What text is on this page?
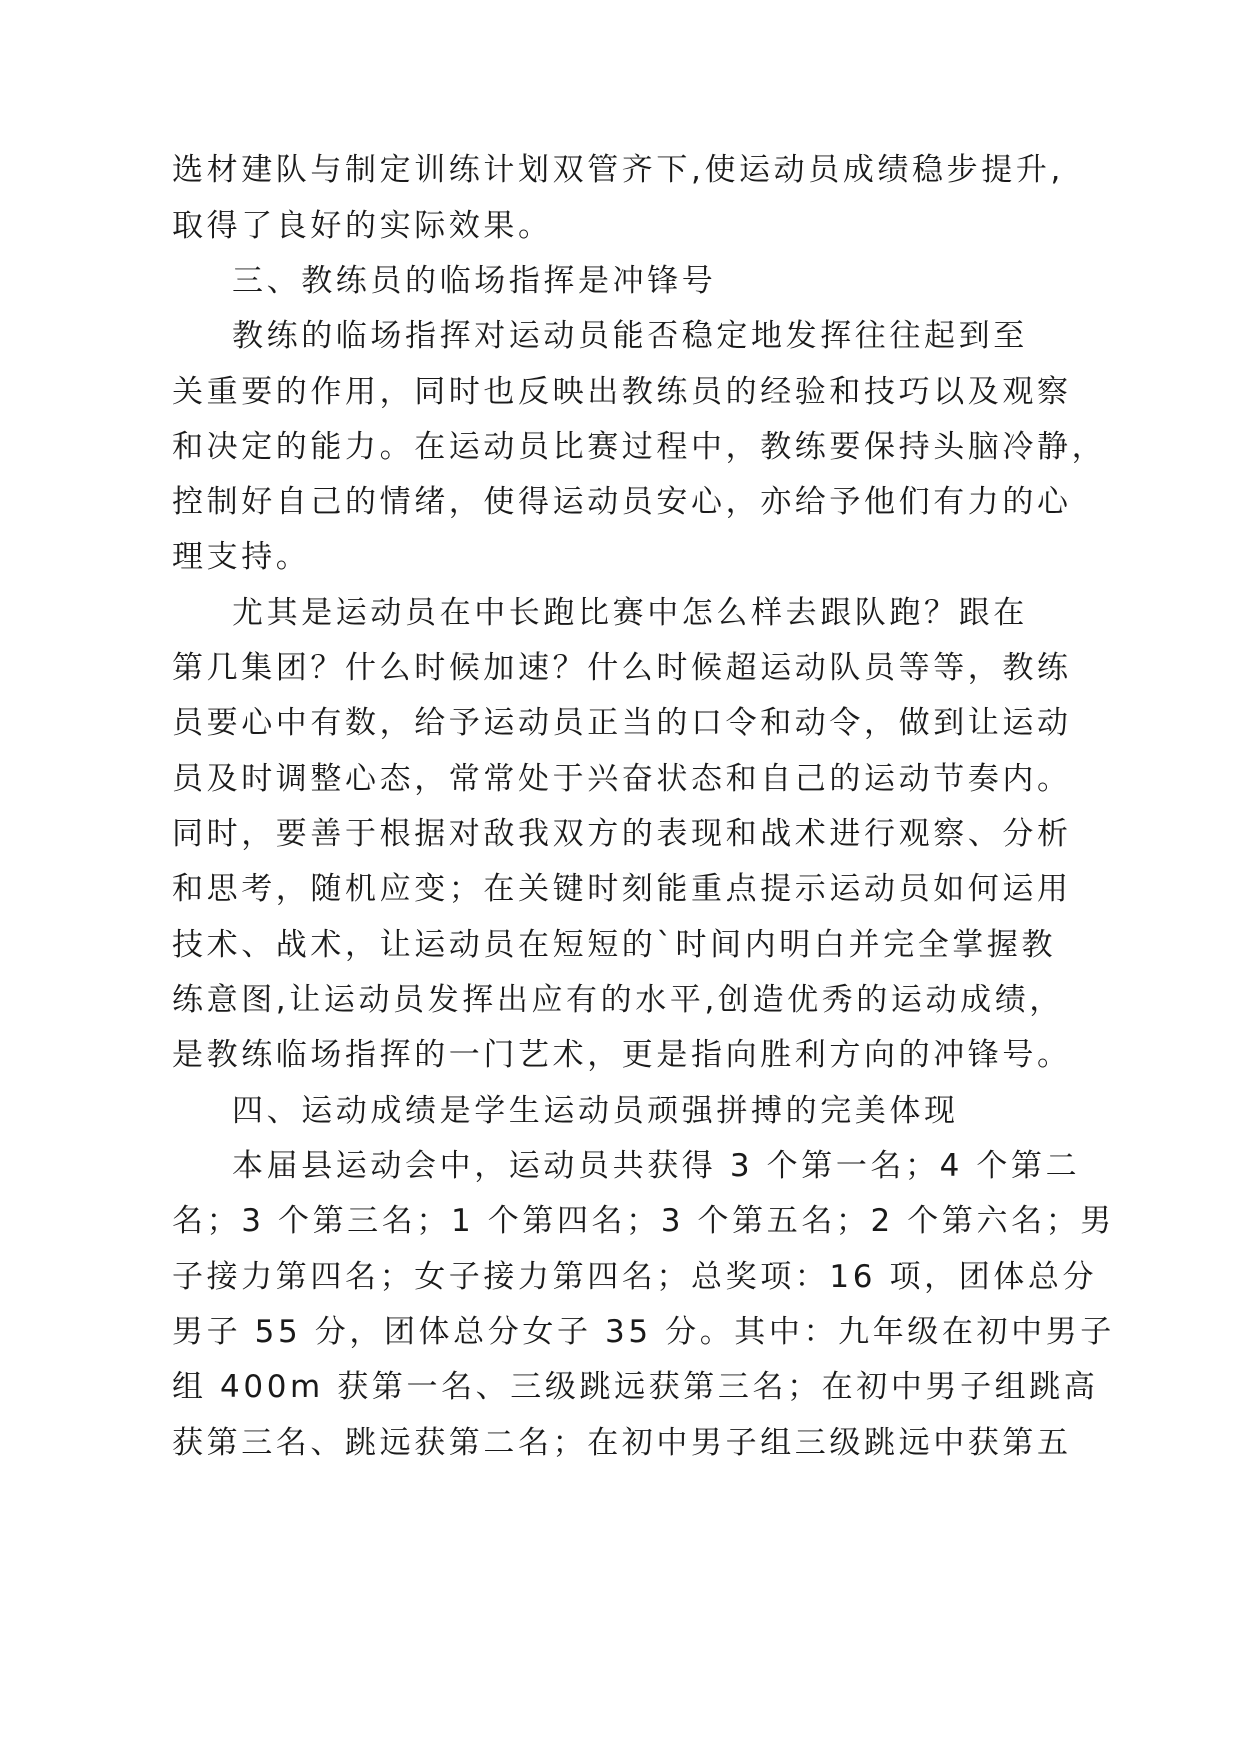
选材建队与制定训练计划双管齐下,使运动员成绩稳步提升,
取得了良好的实际效果。
三、教练员的临场指挥是冲锋号
教练的临场指挥对运动员能否稳定地发挥往往起到至
关重要的作用，同时也反映出教练员的经验和技巧以及观察
和决定的能力。在运动员比赛过程中，教练要保持头脑冷静，
控制好自己的情绪，使得运动员安心，亦给予他们有力的心
理支持。
尤其是运动员在中长跑比赛中怎么样去跟队跑？跟在
第几集团？什么时候加速？什么时候超运动队员等等，教练
员要心中有数，给予运动员正当的口令和动令，做到让运动
员及时调整心态，常常处于兴奋状态和自己的运动节奏内。
同时，要善于根据对敌我双方的表现和战术进行观察、分析
和思考，随机应变；在关键时刻能重点提示运动员如何运用
技术、战术，让运动员在短短的`时间内明白并完全掌握教
练意图,让运动员发挥出应有的水平,创造优秀的运动成绩，
是教练临场指挥的一门艺术，更是指向胜利方向的冲锋号。
四、运动成绩是学生运动员顽强拼搏的完美体现
本届县运动会中，运动员共获得 3 个第一名；4 个第二
名；3 个第三名；1 个第四名；3 个第五名；2 个第六名；男
子接力第四名；女子接力第四名；总奖项：16 项，团体总分
男子 55 分，团体总分女子 35 分。其中：九年级在初中男子
组 400m 获第一名、三级跳远获第三名；在初中男子组跳高
获第三名、跳远获第二名；在初中男子组三级跳远中获第五
